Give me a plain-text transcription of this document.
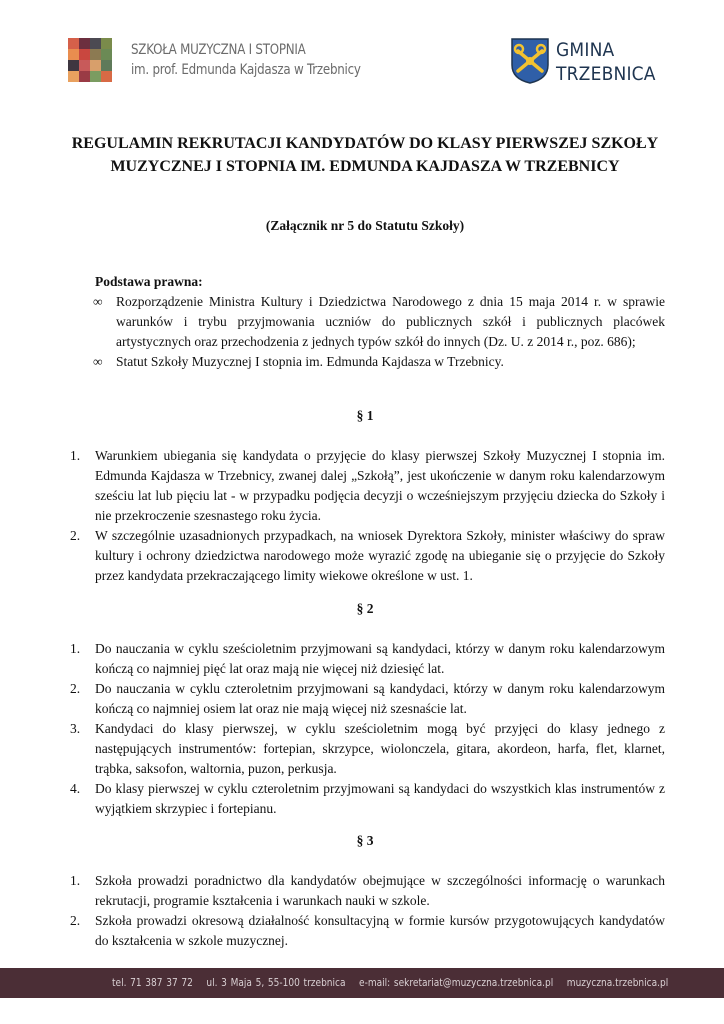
SZKOŁA MUZYCZNA I STOPNIA
im. prof. Edmunda Kajdasza w Trzebnicy
GMINA
TRZEBNICA
REGULAMIN REKRUTACJI KANDYDATÓW DO KLASY PIERWSZEJ SZKOŁY MUZYCZNEJ I STOPNIA IM. EDMUNDA KAJDASZA W TRZEBNICY
(Załącznik nr 5 do Statutu Szkoły)
Podstawa prawna:
∞ Rozporządzenie Ministra Kultury i Dziedzictwa Narodowego z dnia 15 maja 2014 r. w sprawie warunków i trybu przyjmowania uczniów do publicznych szkół i publicznych placówek artystycznych oraz przechodzenia z jednych typów szkół do innych (Dz. U. z 2014 r., poz. 686);
∞ Statut Szkoły Muzycznej I stopnia im. Edmunda Kajdasza w Trzebnicy.
§ 1
1. Warunkiem ubiegania się kandydata o przyjęcie do klasy pierwszej Szkoły Muzycznej I stopnia im. Edmunda Kajdasza w Trzebnicy, zwanej dalej „Szkołą”, jest ukończenie w danym roku kalendarzowym sześciu lat lub pięciu lat - w przypadku podjęcia decyzji o wcześniejszym przyjęciu dziecka do Szkoły i nie przekroczenie szesnastego roku życia.
2. W szczególnie uzasadnionych przypadkach, na wniosek Dyrektora Szkoły, minister właściwy do spraw kultury i ochrony dziedzictwa narodowego może wyrazić zgodę na ubieganie się o przyjęcie do Szkoły przez kandydata przekraczającego limity wiekowe określone w ust. 1.
§ 2
1. Do nauczania w cyklu sześcioletnim przyjmowani są kandydaci, którzy w danym roku kalendarzowym kończą co najmniej pięć lat oraz mają nie więcej niż dziesięć lat.
2. Do nauczania w cyklu czteroletnim przyjmowani są kandydaci, którzy w danym roku kalendarzowym kończą co najmniej osiem lat oraz nie mają więcej niż szesnaście lat.
3. Kandydaci do klasy pierwszej, w cyklu sześcioletnim mogą być przyjęci do klasy jednego z następujących instrumentów: fortepian, skrzypce, wiolonczela, gitara, akordeon, harfa, flet, klarnet, trąbka, saksofon, waltornia, puzon, perkusja.
4. Do klasy pierwszej w cyklu czteroletnim przyjmowani są kandydaci do wszystkich klas instrumentów z wyjątkiem skrzypiec i fortepianu.
§ 3
1. Szkoła prowadzi poradnictwo dla kandydatów obejmujące w szczególności informację o warunkach rekrutacji, programie kształcenia i warunkach nauki w szkole.
2. Szkoła prowadzi okresową działalność konsultacyjną w formie kursów przygotowujących kandydatów do kształcenia w szkole muzycznej.
tel. 71 387 37 72 ul. 3 Maja 5, 55-100 trzebnica e-mail: sekretariat@muzyczna.trzebnica.pl muzyczna.trzebnica.pl
